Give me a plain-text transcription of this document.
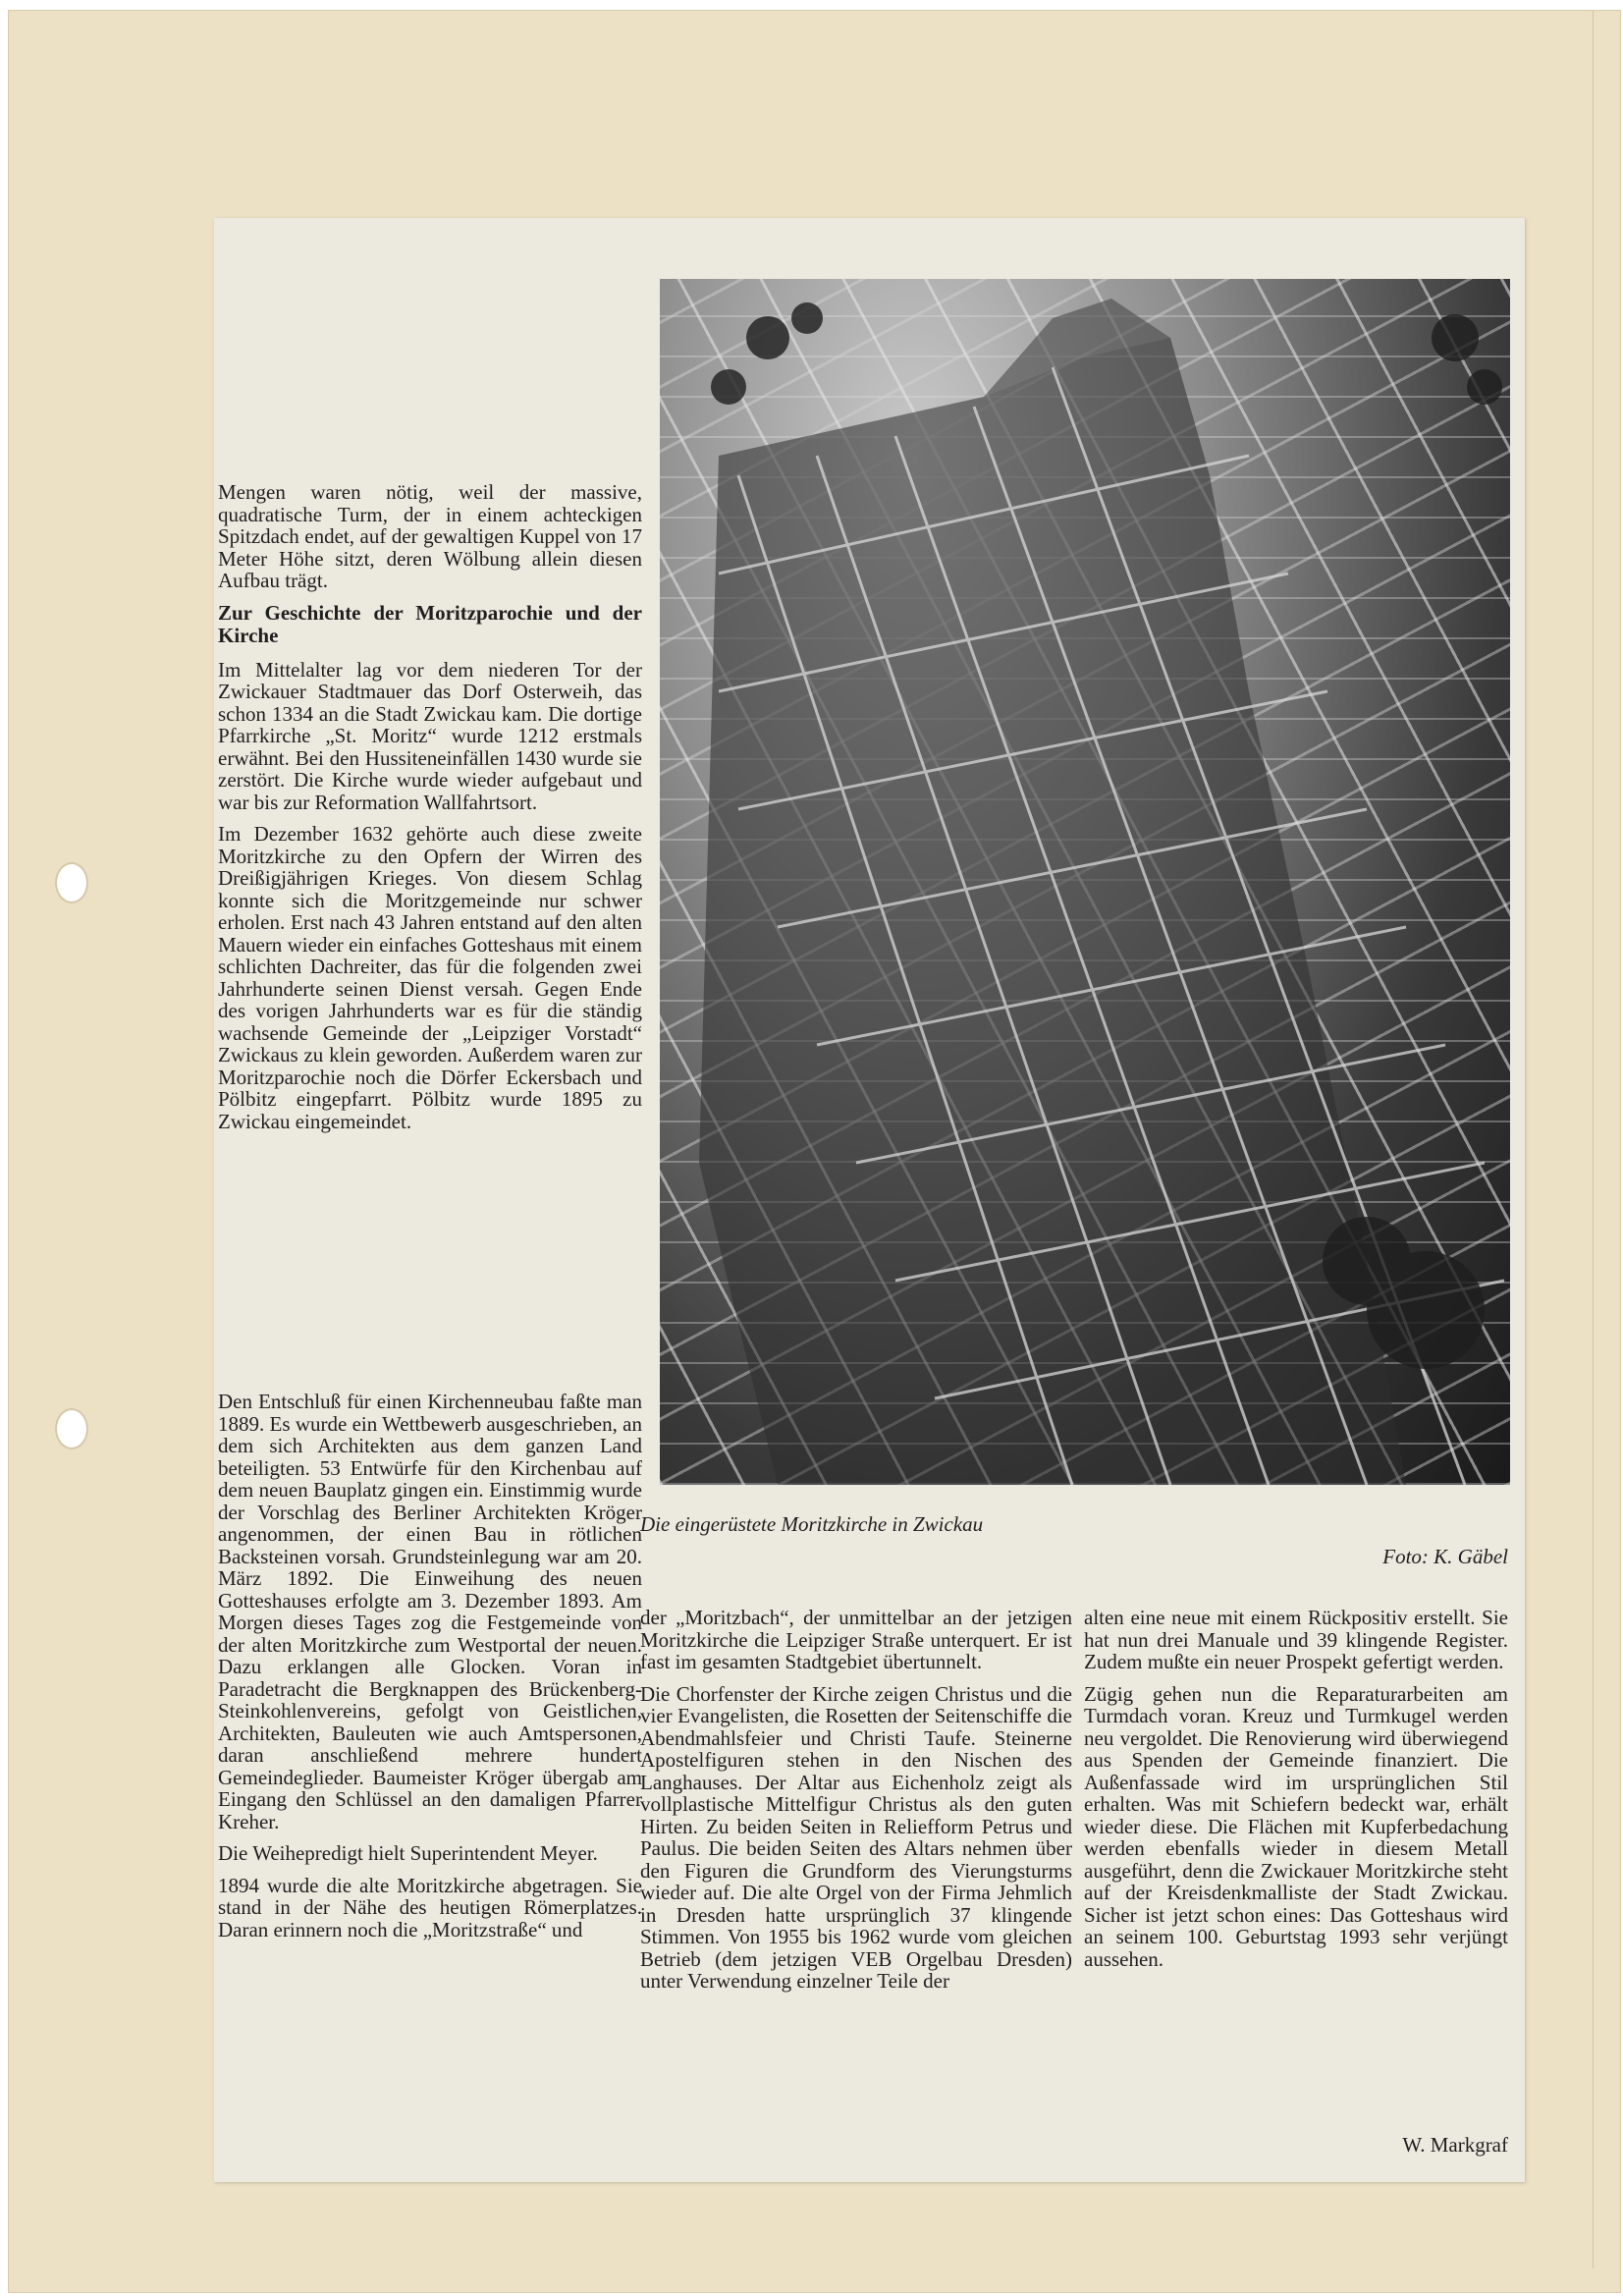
Die eingerüstete Moritzkirche in Zwickau
Foto: K. Gäbel

Mengen waren nötig, weil der massive, quadratische Turm, der in einem achteckigen Spitzdach endet, auf der gewaltigen Kuppel von 17 Meter Höhe sitzt, deren Wölbung allein diesen Aufbau trägt.

Zur Geschichte der Moritzparochie und der Kirche

Im Mittelalter lag vor dem niederen Tor der Zwickauer Stadtmauer das Dorf Osterweih, das schon 1334 an die Stadt Zwickau kam. Die dortige Pfarrkirche „St. Moritz“ wurde 1212 erstmals erwähnt. Bei den Hussiteneinfällen 1430 wurde sie zerstört. Die Kirche wurde wieder aufgebaut und war bis zur Reformation Wallfahrtsort.

Im Dezember 1632 gehörte auch diese zweite Moritzkirche zu den Opfern der Wirren des Dreißigjährigen Krieges. Von diesem Schlag konnte sich die Moritzgemeinde nur schwer erholen. Erst nach 43 Jahren entstand auf den alten Mauern wieder ein einfaches Gotteshaus mit einem schlichten Dachreiter, das für die folgenden zwei Jahrhunderte seinen Dienst versah. Gegen Ende des vorigen Jahrhunderts war es für die ständig wachsende Gemeinde der „Leipziger Vorstadt“ Zwickaus zu klein geworden. Außerdem waren zur Moritzparochie noch die Dörfer Eckersbach und Pölbitz eingepfarrt. Pölbitz wurde 1895 zu Zwickau eingemeindet.

Den Entschluß für einen Kirchenneubau faßte man 1889. Es wurde ein Wettbewerb ausgeschrieben, an dem sich Architekten aus dem ganzen Land beteiligten. 53 Entwürfe für den Kirchenbau auf dem neuen Bauplatz gingen ein. Einstimmig wurde der Vorschlag des Berliner Architekten Kröger angenommen, der einen Bau in rötlichen Backsteinen vorsah. Grundsteinlegung war am 20. März 1892. Die Einweihung des neuen Gotteshauses erfolgte am 3. Dezember 1893. Am Morgen dieses Tages zog die Festgemeinde von der alten Moritzkirche zum Westportal der neuen. Dazu erklangen alle Glocken. Voran in Paradetracht die Bergknappen des Brückenberg-Steinkohlenvereins, gefolgt von Geistlichen, Architekten, Bauleuten wie auch Amtspersonen, daran anschließend mehrere hundert Gemeindeglieder. Baumeister Kröger übergab am Eingang den Schlüssel an den damaligen Pfarrer Kreher.

Die Weihepredigt hielt Superintendent Meyer.

1894 wurde die alte Moritzkirche abgetragen. Sie stand in der Nähe des heutigen Römerplatzes. Daran erinnern noch die „Moritzstraße“ und

der „Moritzbach“, der unmittelbar an der jetzigen Moritzkirche die Leipziger Straße unterquert. Er ist fast im gesamten Stadtgebiet übertunnelt.

Die Chorfenster der Kirche zeigen Christus und die vier Evangelisten, die Rosetten der Seitenschiffe die Abendmahlsfeier und Christi Taufe. Steinerne Apostelfiguren stehen in den Nischen des Langhauses. Der Altar aus Eichenholz zeigt als vollplastische Mittelfigur Christus als den guten Hirten. Zu beiden Seiten in Reliefform Petrus und Paulus. Die beiden Seiten des Altars nehmen über den Figuren die Grundform des Vierungsturms wieder auf. Die alte Orgel von der Firma Jehmlich in Dresden hatte ursprünglich 37 klingende Stimmen. Von 1955 bis 1962 wurde vom gleichen Betrieb (dem jetzigen VEB Orgelbau Dresden) unter Verwendung einzelner Teile der

alten eine neue mit einem Rückpositiv erstellt. Sie hat nun drei Manuale und 39 klingende Register. Zudem mußte ein neuer Prospekt gefertigt werden.

Zügig gehen nun die Reparaturarbeiten am Turmdach voran. Kreuz und Turmkugel werden neu vergoldet. Die Renovierung wird überwiegend aus Spenden der Gemeinde finanziert. Die Außenfassade wird im ursprünglichen Stil erhalten. Was mit Schiefern bedeckt war, erhält wieder diese. Die Flächen mit Kupferbedachung werden ebenfalls wieder in diesem Metall ausgeführt, denn die Zwickauer Moritzkirche steht auf der Kreisdenkmalliste der Stadt Zwickau. Sicher ist jetzt schon eines: Das Gotteshaus wird an seinem 100. Geburtstag 1993 sehr verjüngt aussehen.

W. Markgraf
